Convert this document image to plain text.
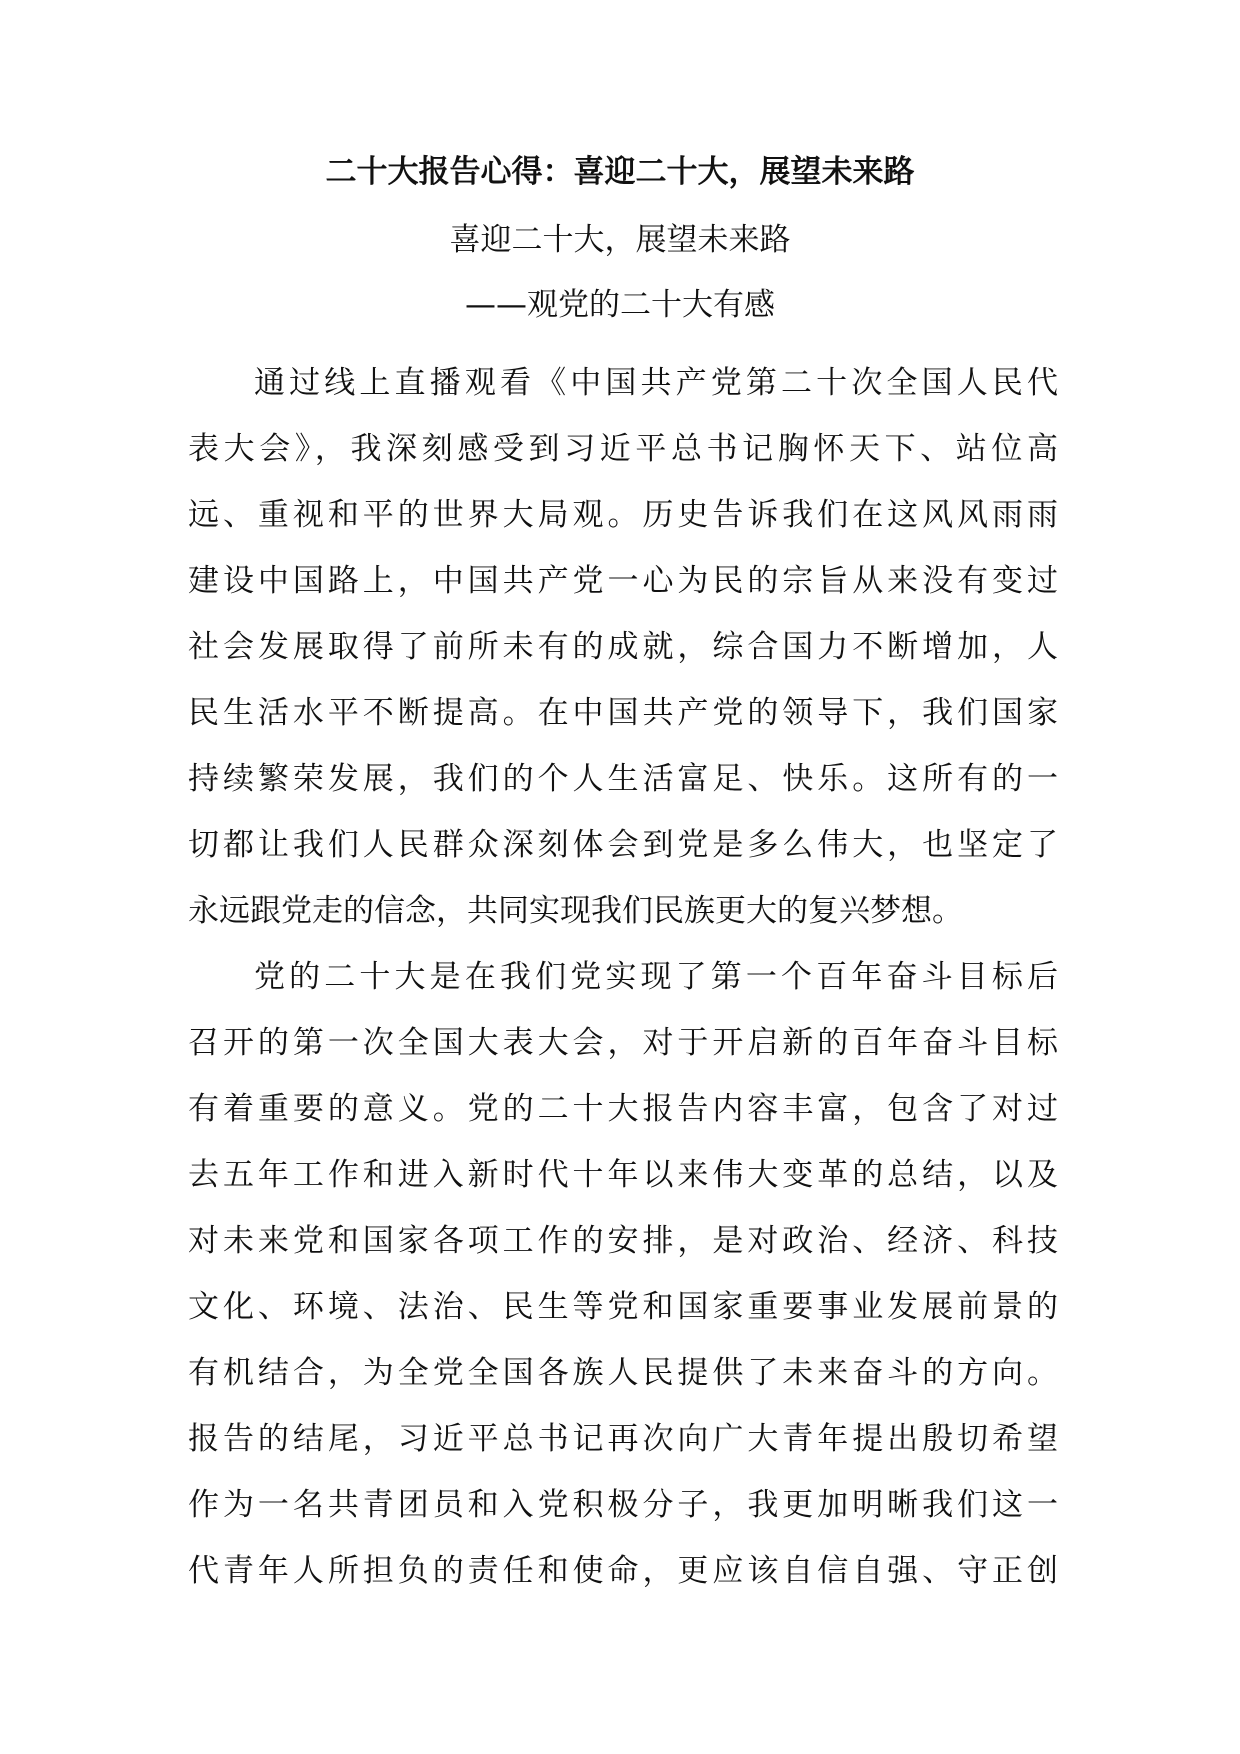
二十大报告心得：喜迎二十大，展望未来路
喜迎二十大，展望未来路
——观党的二十大有感
通过线上直播观看《中国共产党第二十次全国人民代
表大会》，我深刻感受到习近平总书记胸怀天下、站位高
远、重视和平的世界大局观。历史告诉我们在这风风雨雨
建设中国路上，中国共产党一心为民的宗旨从来没有变过
社会发展取得了前所未有的成就，综合国力不断增加，人
民生活水平不断提高。在中国共产党的领导下，我们国家
持续繁荣发展，我们的个人生活富足、快乐。这所有的一
切都让我们人民群众深刻体会到党是多么伟大，也坚定了
永远跟党走的信念，共同实现我们民族更大的复兴梦想。
党的二十大是在我们党实现了第一个百年奋斗目标后
召开的第一次全国大表大会，对于开启新的百年奋斗目标
有着重要的意义。党的二十大报告内容丰富，包含了对过
去五年工作和进入新时代十年以来伟大变革的总结，以及
对未来党和国家各项工作的安排，是对政治、经济、科技
文化、环境、法治、民生等党和国家重要事业发展前景的
有机结合，为全党全国各族人民提供了未来奋斗的方向。
报告的结尾，习近平总书记再次向广大青年提出殷切希望
作为一名共青团员和入党积极分子，我更加明晰我们这一
代青年人所担负的责任和使命，更应该自信自强、守正创
